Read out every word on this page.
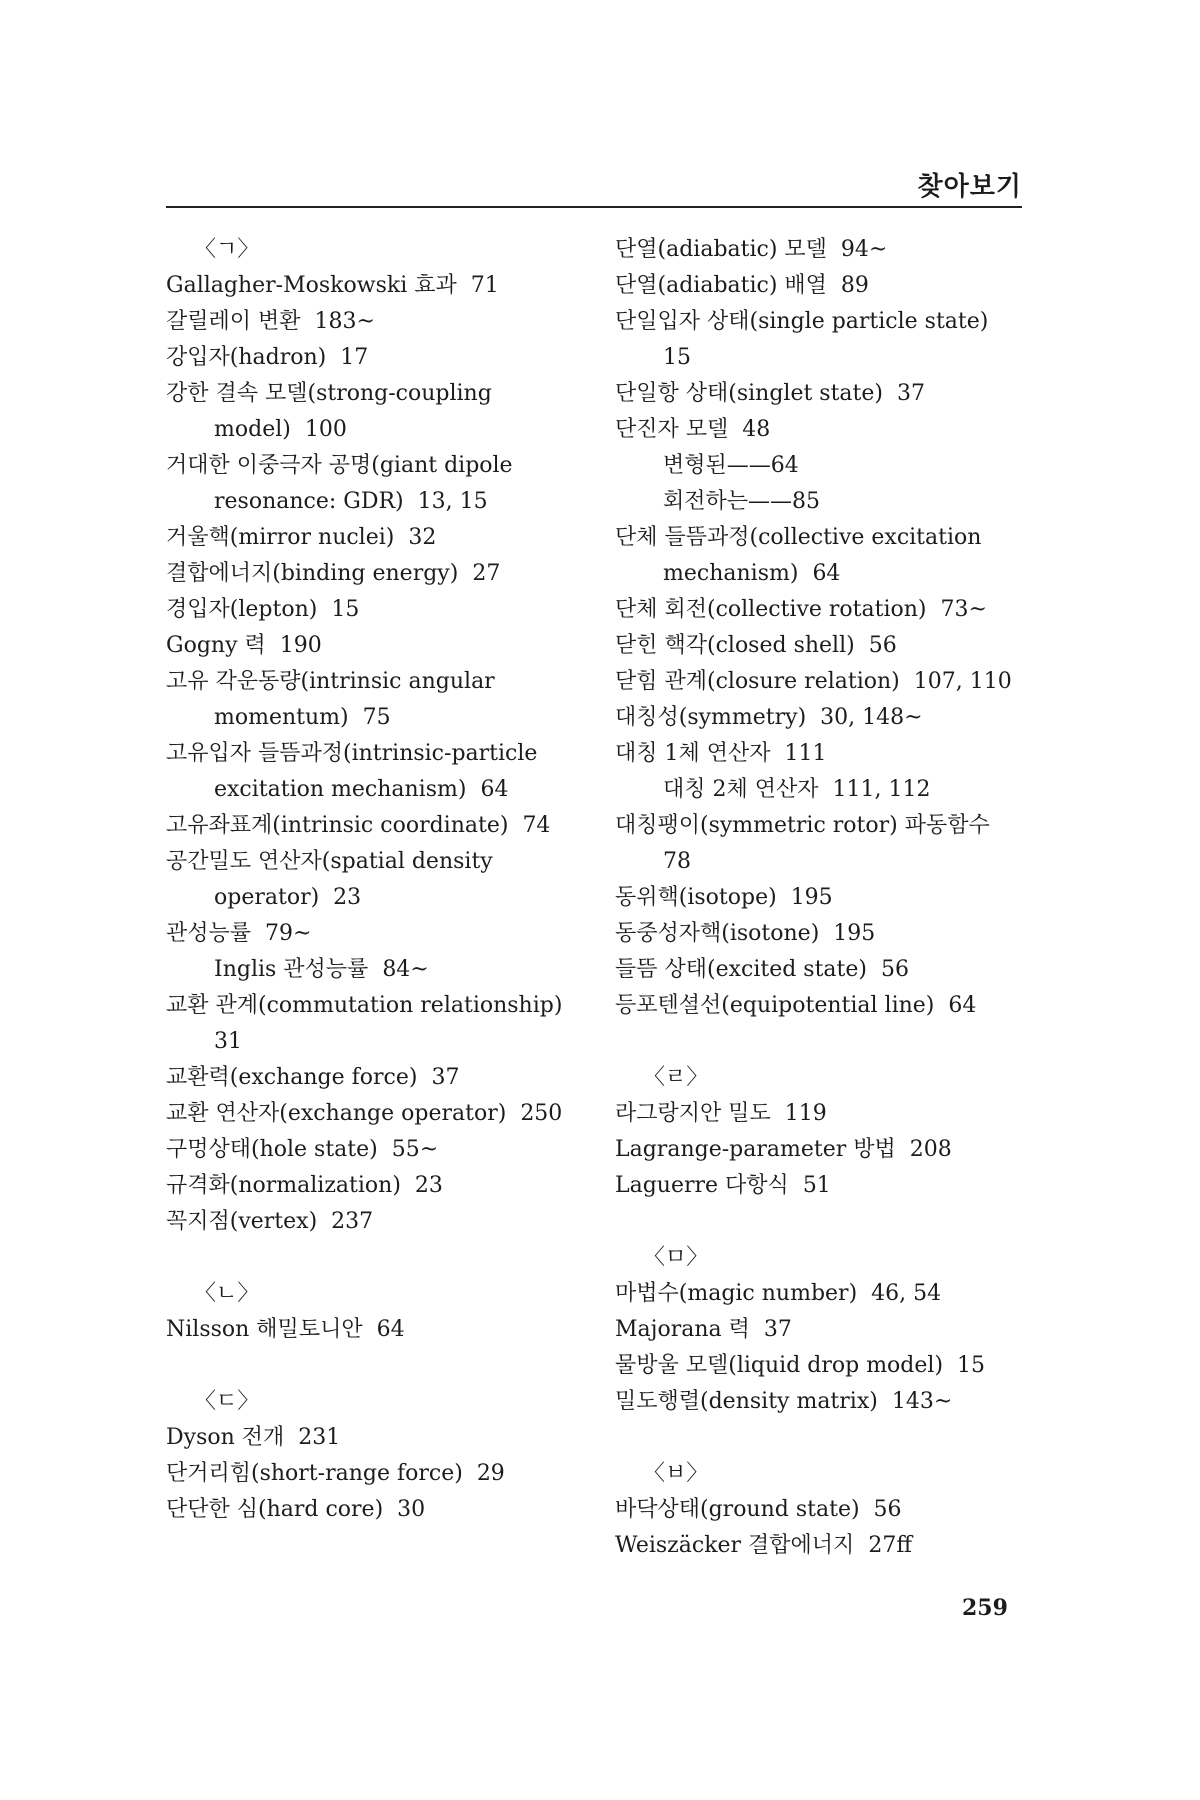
찾아보기
〈ㄱ〉
Gallagher-Moskowski 효과 71
갈릴레이 변환 183~
강입자(hadron) 17
강한 결속 모델(strong-coupling
model) 100
거대한 이중극자 공명(giant dipole
resonance: GDR) 13, 15
거울핵(mirror nuclei) 32
결합에너지(binding energy) 27
경입자(lepton) 15
Gogny 력 190
고유 각운동량(intrinsic angular
momentum) 75
고유입자 들뜸과정(intrinsic-particle
excitation mechanism) 64
고유좌표계(intrinsic coordinate) 74
공간밀도 연산자(spatial density
operator) 23
관성능률 79~
Inglis 관성능률 84~
교환 관계(commutation relationship)
31
교환력(exchange force) 37
교환 연산자(exchange operator) 250
구멍상태(hole state) 55~
규격화(normalization) 23
꼭지점(vertex) 237
〈ㄴ〉
Nilsson 해밀토니안 64
〈ㄷ〉
Dyson 전개 231
단거리힘(short-range force) 29
단단한 심(hard core) 30
단열(adiabatic) 모델 94~
단열(adiabatic) 배열 89
단일입자 상태(single particle state)
15
단일항 상태(singlet state) 37
단진자 모델 48
변형된——64
회전하는——85
단체 들뜸과정(collective excitation
mechanism) 64
단체 회전(collective rotation) 73~
닫힌 핵각(closed shell) 56
닫힘 관계(closure relation) 107, 110
대칭성(symmetry) 30, 148~
대칭 1체 연산자 111
대칭 2체 연산자 111, 112
대칭팽이(symmetric rotor) 파동함수
78
동위핵(isotope) 195
동중성자핵(isotone) 195
들뜸 상태(excited state) 56
등포텐셜선(equipotential line) 64
〈ㄹ〉
라그랑지안 밀도 119
Lagrange-parameter 방법 208
Laguerre 다항식 51
〈ㅁ〉
마법수(magic number) 46, 54
Majorana 력 37
물방울 모델(liquid drop model) 15
밀도행렬(density matrix) 143~
〈ㅂ〉
바닥상태(ground state) 56
Weiszäcker 결합에너지 27ff
259
